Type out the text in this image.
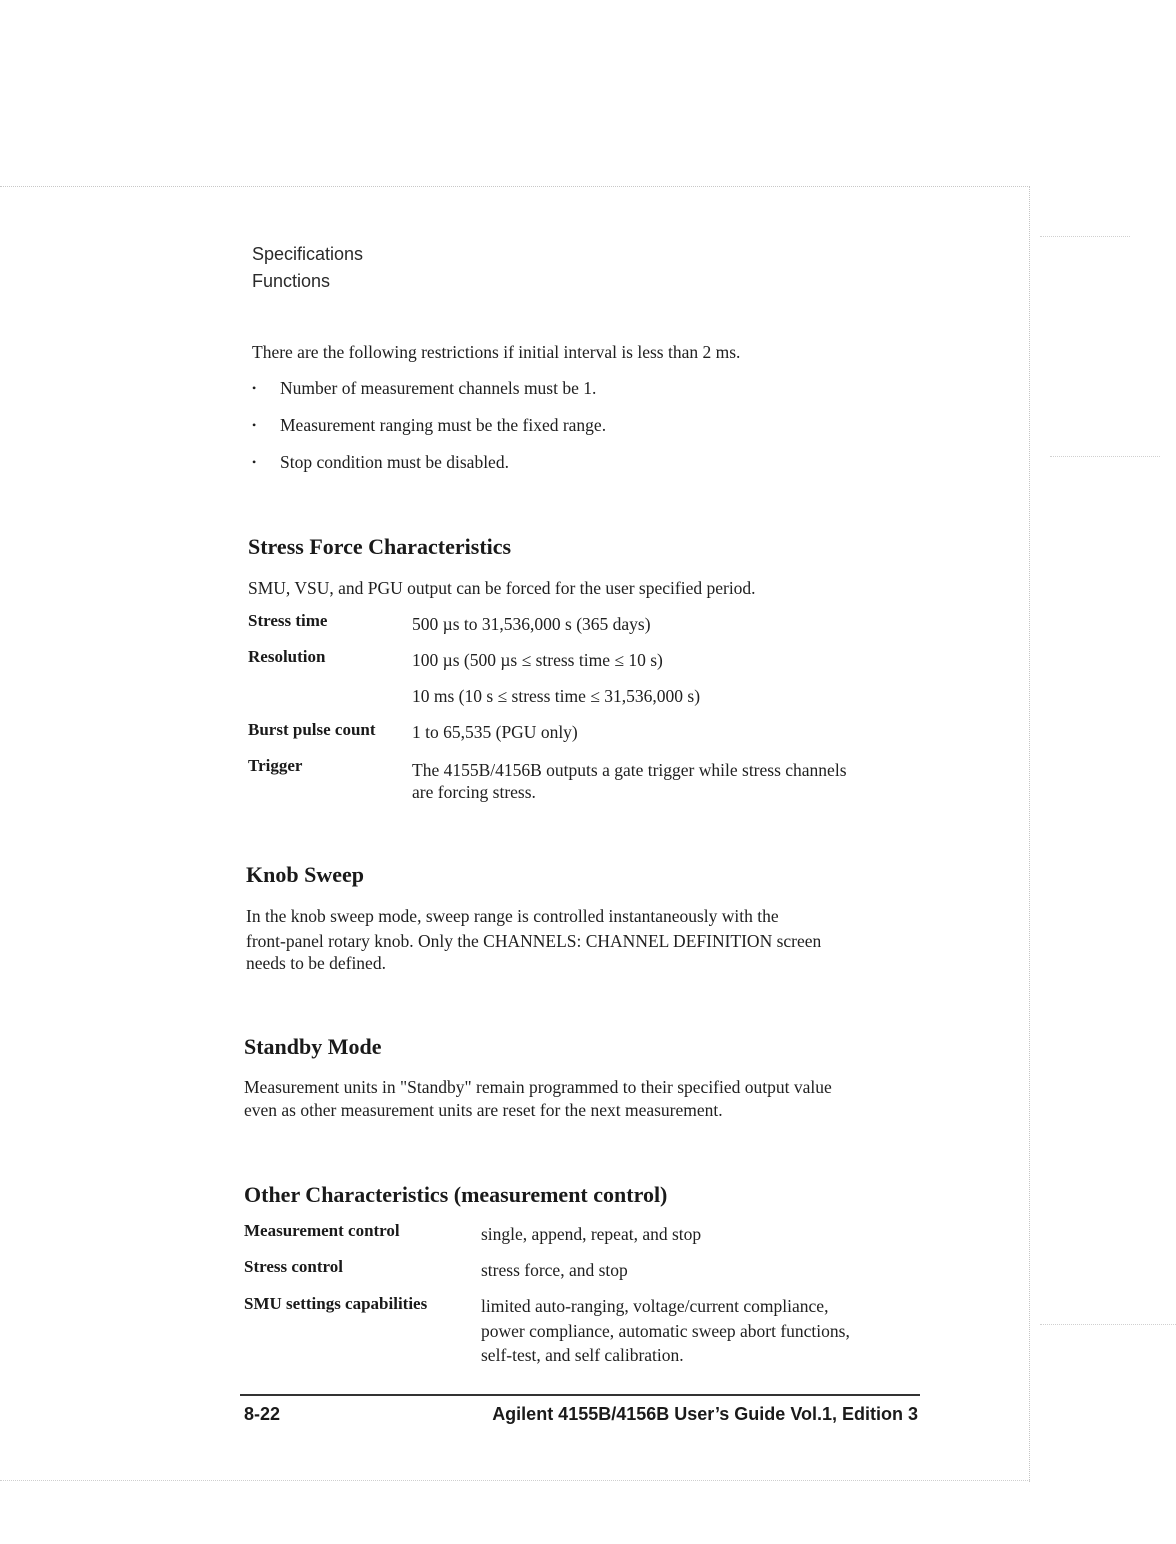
Specifications
Functions
There are the following restrictions if initial interval is less than 2 ms.
• Number of measurement channels must be 1.
• Measurement ranging must be the fixed range.
• Stop condition must be disabled.
Stress Force Characteristics
SMU, VSU, and PGU output can be forced for the user specified period.
Stress time	500 µs to 31,536,000 s (365 days)
Resolution	100 µs (500 µs ≤ stress time ≤ 10 s)
10 ms (10 s ≤ stress time ≤ 31,536,000 s)
Burst pulse count 1 to 65,535 (PGU only)
Trigger	The 4155B/4156B outputs a gate trigger while stress channels
are forcing stress.
Knob Sweep
In the knob sweep mode, sweep range is controlled instantaneously with the
front-panel rotary knob. Only the CHANNELS: CHANNEL DEFINITION screen
needs to be defined.
Standby Mode
Measurement units in "Standby" remain programmed to their specified output value
even as other measurement units are reset for the next measurement.
Other Characteristics (measurement control)
Measurement control	single, append, repeat, and stop
Stress control	stress force, and stop
SMU settings capabilities	limited auto-ranging, voltage/current compliance,
power compliance, automatic sweep abort functions,
self-test, and self calibration.
8-22	Agilent 4155B/4156B User’s Guide Vol.1, Edition 3
